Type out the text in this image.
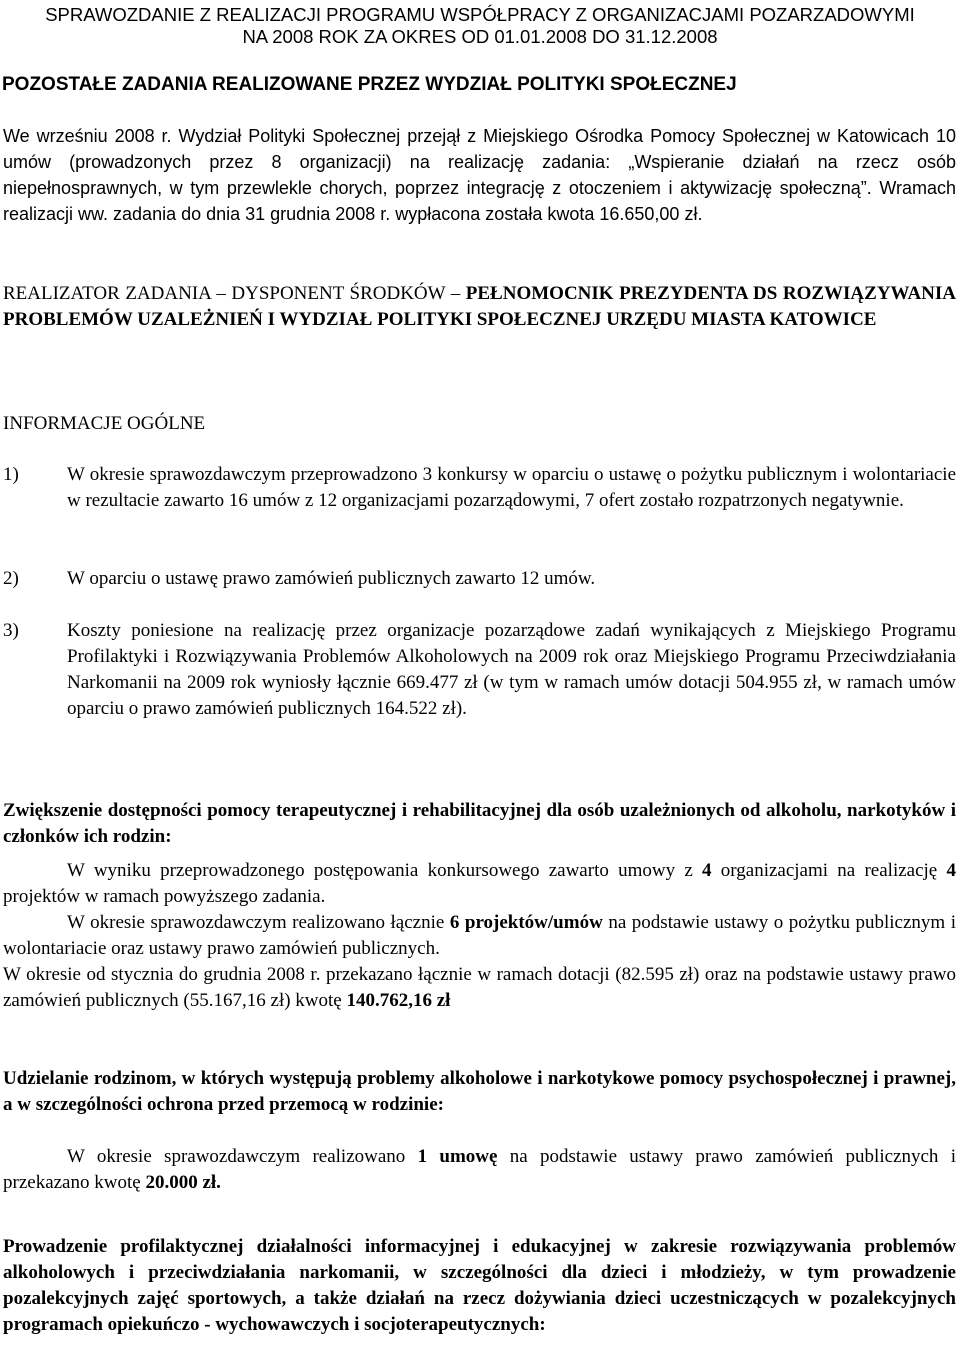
SPRAWOZDANIE Z REALIZACJI PROGRAMU WSPÓŁPRACY Z ORGANIZACJAMI POZARZADOWYMI
NA 2008 ROK ZA OKRES OD 01.01.2008 DO 31.12.2008
POZOSTAŁE ZADANIA REALIZOWANE PRZEZ WYDZIAŁ POLITYKI SPOŁECZNEJ
We wrześniu 2008 r. Wydział Polityki Społecznej przejął z Miejskiego Ośrodka Pomocy Społecznej w Katowicach 10 umów (prowadzonych przez 8 organizacji) na realizację zadania: „Wspieranie działań na rzecz osób niepełnosprawnych, w tym przewlekle chorych, poprzez integrację z otoczeniem i aktywizację społeczną”. Wramach realizacji ww. zadania do dnia 31 grudnia 2008 r. wypłacona została kwota 16.650,00 zł.
REALIZATOR ZADANIA – DYSPONENT ŚRODKÓW – PEŁNOMOCNIK PREZYDENTA DS ROZWIĄZYWANIA PROBLEMÓW UZALEŻNIEŃ I WYDZIAŁ POLITYKI SPOŁECZNEJ URZĘDU MIASTA KATOWICE
INFORMACJE OGÓLNE
1)	W okresie sprawozdawczym przeprowadzono 3 konkursy w oparciu o ustawę o pożytku publicznym i wolontariacie w rezultacie zawarto 16 umów z 12 organizacjami pozarządowymi, 7 ofert zostało rozpatrzonych negatywnie.
2)	W oparciu o ustawę prawo zamówień publicznych zawarto 12 umów.
3)	Koszty poniesione na realizację przez organizacje pozarządowe zadań wynikających z Miejskiego Programu Profilaktyki i Rozwiązywania Problemów Alkoholowych na 2009 rok oraz Miejskiego Programu Przeciwdziałania Narkomanii na 2009 rok wyniosły łącznie 669.477 zł (w tym w ramach umów dotacji 504.955 zł, w ramach umów oparciu o prawo zamówień publicznych 164.522 zł).
Zwiększenie dostępności pomocy terapeutycznej i rehabilitacyjnej dla osób uzależnionych od alkoholu, narkotyków i członków ich rodzin:
W wyniku przeprowadzonego postępowania konkursowego zawarto umowy z 4 organizacjami na realizację 4 projektów w ramach powyższego zadania.
W okresie sprawozdawczym realizowano łącznie 6 projektów/umów na podstawie ustawy o pożytku publicznym i wolontariacie oraz ustawy prawo zamówień publicznych.
W okresie od stycznia do grudnia 2008 r. przekazano łącznie w ramach dotacji (82.595 zł) oraz na podstawie ustawy prawo zamówień publicznych (55.167,16 zł) kwotę 140.762,16 zł
Udzielanie rodzinom, w których występują problemy alkoholowe i narkotykowe pomocy psychospołecznej i prawnej, a w szczególności ochrona przed przemocą w rodzinie:
W okresie sprawozdawczym realizowano 1 umowę na podstawie ustawy prawo zamówień publicznych i przekazano kwotę 20.000 zł.
Prowadzenie profilaktycznej działalności informacyjnej i edukacyjnej w zakresie rozwiązywania problemów alkoholowych i przeciwdziałania narkomanii, w szczególności dla dzieci i młodzieży, w tym prowadzenie pozalekcyjnych zajęć sportowych, a także działań na rzecz dożywiania dzieci uczestniczących w pozalekcyjnych programach opiekuńczo - wychowawczych i socjoterapeutycznych:
